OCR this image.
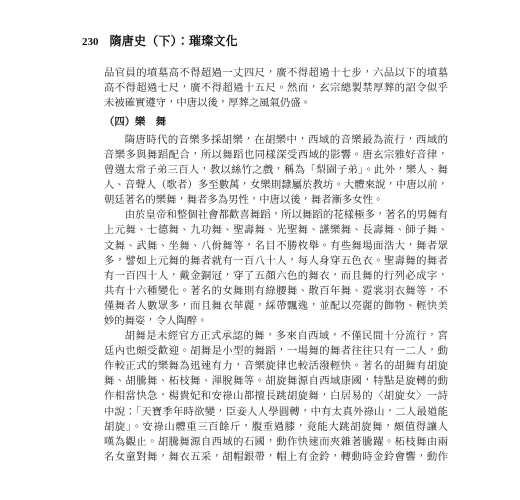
230 隋唐史（下）：璀璨文化
品官員的墳墓高不得超過一丈四尺，廣不得超過十七步，六品以下的墳墓
高不得超過七尺，廣不得超過十五尺。然而，玄宗總製禁厚葬的詔令似乎
未被確實遵守，中唐以後，厚葬之風氣仍盛。
（四）樂　舞
隋唐時代的音樂多採胡樂，在胡樂中，西域的音樂最為流行，西域的
音樂多與舞蹈配合，所以舞蹈也同樣深受西域的影響。唐玄宗雅好音律，
曾選太常子弟三百人，教以絲竹之戲，稱為「梨園子弟」。此外，樂人、舞
人、音聲人（歌者）多至數萬，女樂則隸屬於教坊。大體來說，中唐以前，
朝廷著名的樂舞，舞者多為男性，中唐以後，舞者漸多女性。
由於皇帝和整個社會都歡喜舞蹈，所以舞蹈的花樣極多，著名的男舞有
上元舞、七德舞、九功舞、聖壽舞、光聖舞、讌樂舞、長壽舞、師子舞、
文舞、武舞、坐舞、八佾舞等，名目不勝枚舉。有些舞場面浩大，舞者眾
多，譬如上元舞的舞者就有一百八十人，每人身穿五色衣。聖壽舞的舞者
有一百四十人，戴金銅冠，穿了五顏六色的舞衣，而且舞的行列必成字，
共有十六種變化。著名的女舞則有綠腰舞、散百年舞、霓裳羽衣舞等，不
僅舞者人數眾多，而且舞衣華麗，綵帶飄逸，並配以亮麗的飾物、輕快美
妙的舞姿，令人陶醉。
胡舞是未經官方正式承認的舞，多來自西域，不僅民間十分流行，宮
廷內也頗受歡迎。胡舞是小型的舞蹈，一場舞的舞者往往只有一二人，動
作較正式的樂舞為迅速有力，音樂旋律也較活潑輕快。著名的胡舞有胡旋
舞、胡騰舞、柘枝舞、渾脫舞等。胡旋舞源自西域康國，特點是旋轉的動
作相當快急，楊貴妃和安祿山都擅長跳胡旋舞，白居易的〈胡旋女〉一詩
中說：「天寶季年時欲變，臣妾人人學圓轉，中有太真外祿山，二人最道能
胡旋」。安祿山體重三百餘斤，腹垂過膝，竟能大跳胡旋舞，頗值得讓人
嘆為觀止。胡騰舞源自西域的石國，動作快速而夾雜著騰躍。柘枝舞由兩
名女童對舞，舞衣五采，胡帽銀帶，帽上有金鈴，轉動時金鈴會響，動作
